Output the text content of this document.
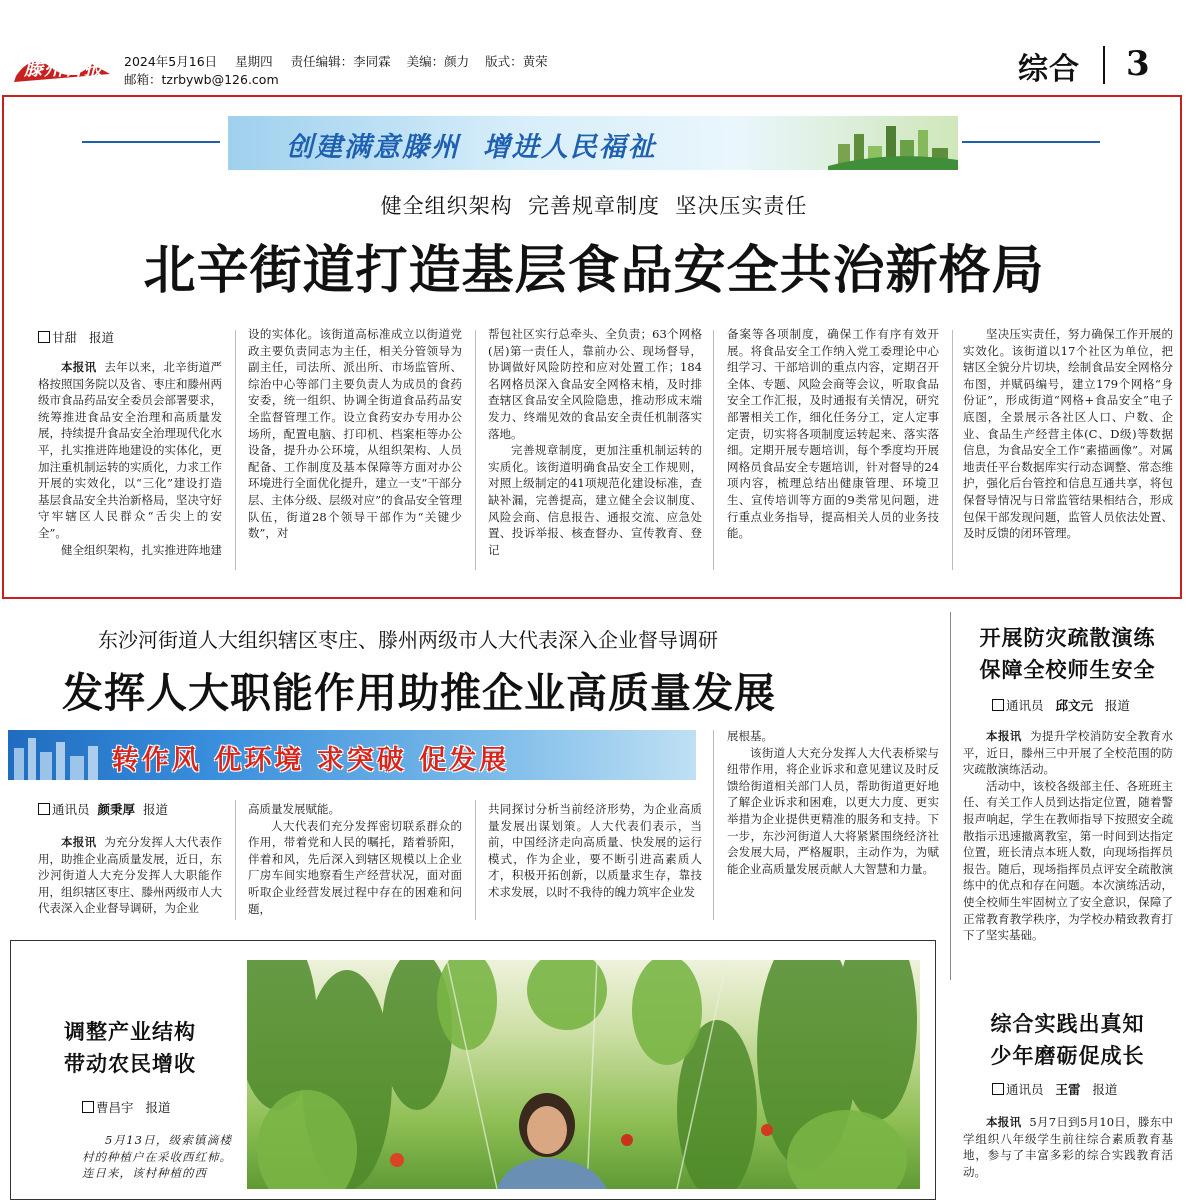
滕州日报	2024年5月16日 星期四 责任编辑：李同霖 美编：颜力 版式：黄荣
邮箱：tzrbywb@126.com	综合 3
创建满意滕州  增进人民福祉
健全组织架构  完善规章制度  坚决压实责任
北辛街道打造基层食品安全共治新格局
甘甜 报道

本报讯 去年以来，北辛街道严格按照国务院以及省、枣庄和滕州两级市食品药品安全委员会部署要求，统筹推进食品安全治理和高质量发展，持续提升食品安全治理现代化水平，扎实推进阵地建设的实体化，更加注重机制运转的实质化，力求工作开展的实效化，以“三化”建设打造基层食品安全共治新格局，坚决守好守牢辖区人民群众“舌尖上的安全”。

健全组织架构，扎实推进阵地建

设的实体化。该街道高标准成立以街道党政主要负责同志为主任，相关分管领导为副主任，司法所、派出所、市场监管所、综治中心等部门主要负责人为成员的食药安委，统一组织、协调全街道食品药品安全监督管理工作。设立食药安办专用办公场所，配置电脑、打印机、档案柜等办公设备，提升办公环境，从组织架构、人员配备、工作制度及基本保障等方面对办公环境进行全面优化提升，建立一支“干部分层、主体分级、层级对应”的食品安全管理队伍，街道28个领导干部作为“关键少数”，对

帮包社区实行总牵头、全负责；63个网格(居)第一责任人，靠前办公、现场督导，协调做好风险防控和应对处置工作；184名网格员深入食品安全网格末梢，及时排查辖区食品安全风险隐患，推动形成末端发力、终端见效的食品安全责任机制落实落地。

完善规章制度，更加注重机制运转的实质化。该街道明确食品安全工作规则，对照上级制定的41项规范化建设标准，查缺补漏，完善提高，建立健全会议制度、风险会商、信息报告、通报交流、应急处置、投诉举报、核查督办、宣传教育、登记

备案等各项制度，确保工作有序有效开展。将食品安全工作纳入党工委理论中心组学习、干部培训的重点内容，定期召开全体、专题、风险会商等会议，听取食品安全工作汇报，及时通报有关情况，研究部署相关工作，细化任务分工，定人定事定责，切实将各项制度运转起来、落实落细。定期开展专题培训，每个季度均开展网格员食品安全专题培训，针对督导的24项内容，梳理总结出健康管理、环境卫生、宣传培训等方面的9类常见问题，进行重点业务指导，提高相关人员的业务技能。

坚决压实责任，努力确保工作开展的实效化。该街道以17个社区为单位，把辖区全貌分片切块，绘制食品安全网格分布图，并赋码编号，建立179个网格“身份证”，形成街道“网格+食品安全”电子底图，全景展示各社区人口、户数、企业、食品生产经营主体(C、D级)等数据信息，为食品安全工作“素描画像”。对属地责任平台数据库实行动态调整、常态维护，强化后台管控和信息互通共享，将包保督导情况与日常监管结果相结合，形成包保干部发现问题，监管人员依法处置、及时反馈的闭环管理。

东沙河街道人大组织辖区枣庄、滕州两级市人大代表深入企业督导调研
发挥人大职能作用助推企业高质量发展
转作风 优环境 求突破 促发展
通讯员 颜秉厚 报道

本报讯 为充分发挥人大代表作用，助推企业高质量发展，近日，东沙河街道人大充分发挥人大职能作用，组织辖区枣庄、滕州两级市人大代表深入企业督导调研，为企业

高质量发展赋能。

人大代表们充分发挥密切联系群众的作用，带着党和人民的嘱托，踏着骄阳，伴着和风，先后深入到辖区规模以上企业厂房车间实地察看生产经营状况，面对面听取企业经营发展过程中存在的困难和问题，

共同探讨分析当前经济形势，为企业高质量发展出谋划策。人大代表们表示，当前，中国经济走向高质量、快发展的运行模式，作为企业，要不断引进高素质人才，积极开拓创新，以质量求生存，靠技术求发展，以时不我待的魄力筑牢企业发

展根基。

该街道人大充分发挥人大代表桥梁与纽带作用，将企业诉求和意见建议及时反馈给街道相关部门人员，帮助街道更好地了解企业诉求和困难，以更大力度、更实举措为企业提供更精准的服务和支持。下一步，东沙河街道人大将紧紧围绕经济社会发展大局，严格履职，主动作为，为赋能企业高质量发展贡献人大智慧和力量。

开展防灾疏散演练
保障全校师生安全
通讯员 邱文元 报道

本报讯 为提升学校消防安全教育水平，近日，滕州三中开展了全校范围的防灾疏散演练活动。

活动中，该校各级部主任、各班班主任、有关工作人员到达指定位置，随着警报声响起，学生在教师指导下按照安全疏散指示迅速撤离教室，第一时间到达指定位置，班长清点本班人数，向现场指挥员报告。随后，现场指挥员点评安全疏散演练中的优点和存在问题。本次演练活动，使全校师生牢固树立了安全意识，保障了正常教育教学秩序，为学校办精致教育打下了坚实基础。

调整产业结构
带动农民增收
曹昌宇 报道

5月13日，级索镇滴楼村的种植户在采收西红柿。连日来，该村种植的西

综合实践出真知
少年磨砺促成长
通讯员 王雷 报道

本报讯 5月7日到5月10日，滕东中学组织八年级学生前往综合素质教育基地，参与了丰富多彩的综合实践教育活动。
